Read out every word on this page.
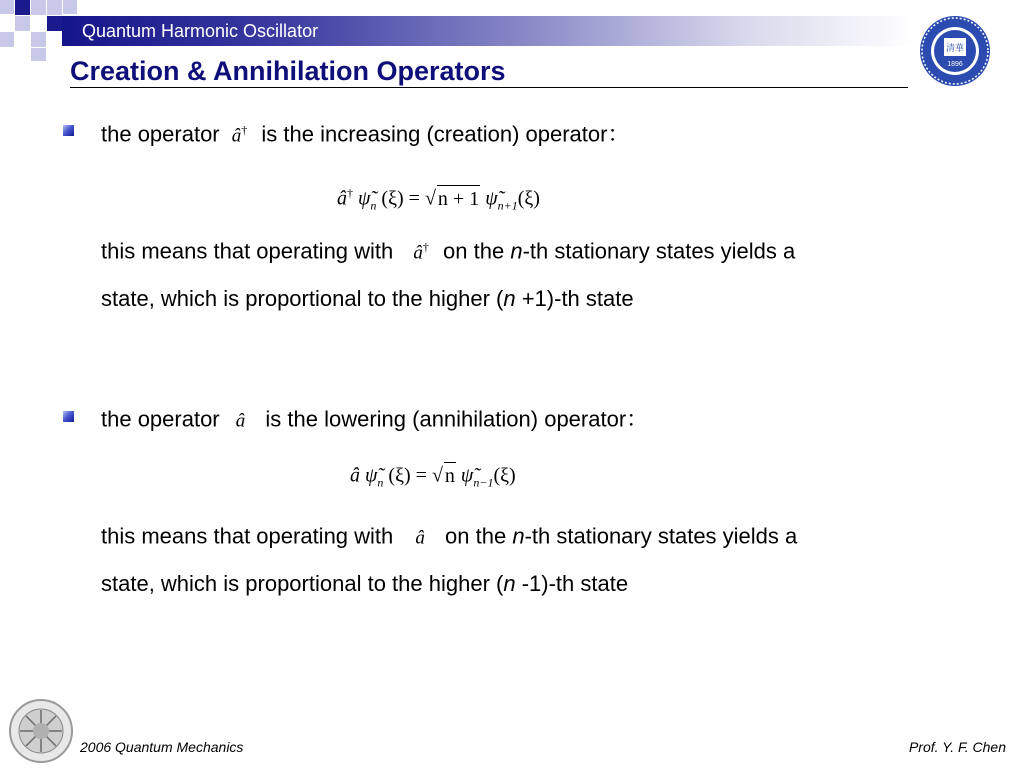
Quantum Harmonic Oscillator
Creation & Annihilation Operators
清華
1896
the operator â† is the increasing (creation) operator：
â† $\psĩ_n$ (ξ) = √ n + 1 $\psĩ_{n+1}(\xi)$
this means that operating with â† on the n-th stationary states yields a
state, which is proportional to the higher (n +1)-th state
the operator â is the lowering (annihilation) operator：
â $\psĩ_n$ (ξ) = √ n $\psĩ_{n-1}(\xi)$
this means that operating with â on the n-th stationary states yields a
state, which is proportional to the higher (n -1)-th state
2006 Quantum Mechanics	Prof. Y. F. Chen
